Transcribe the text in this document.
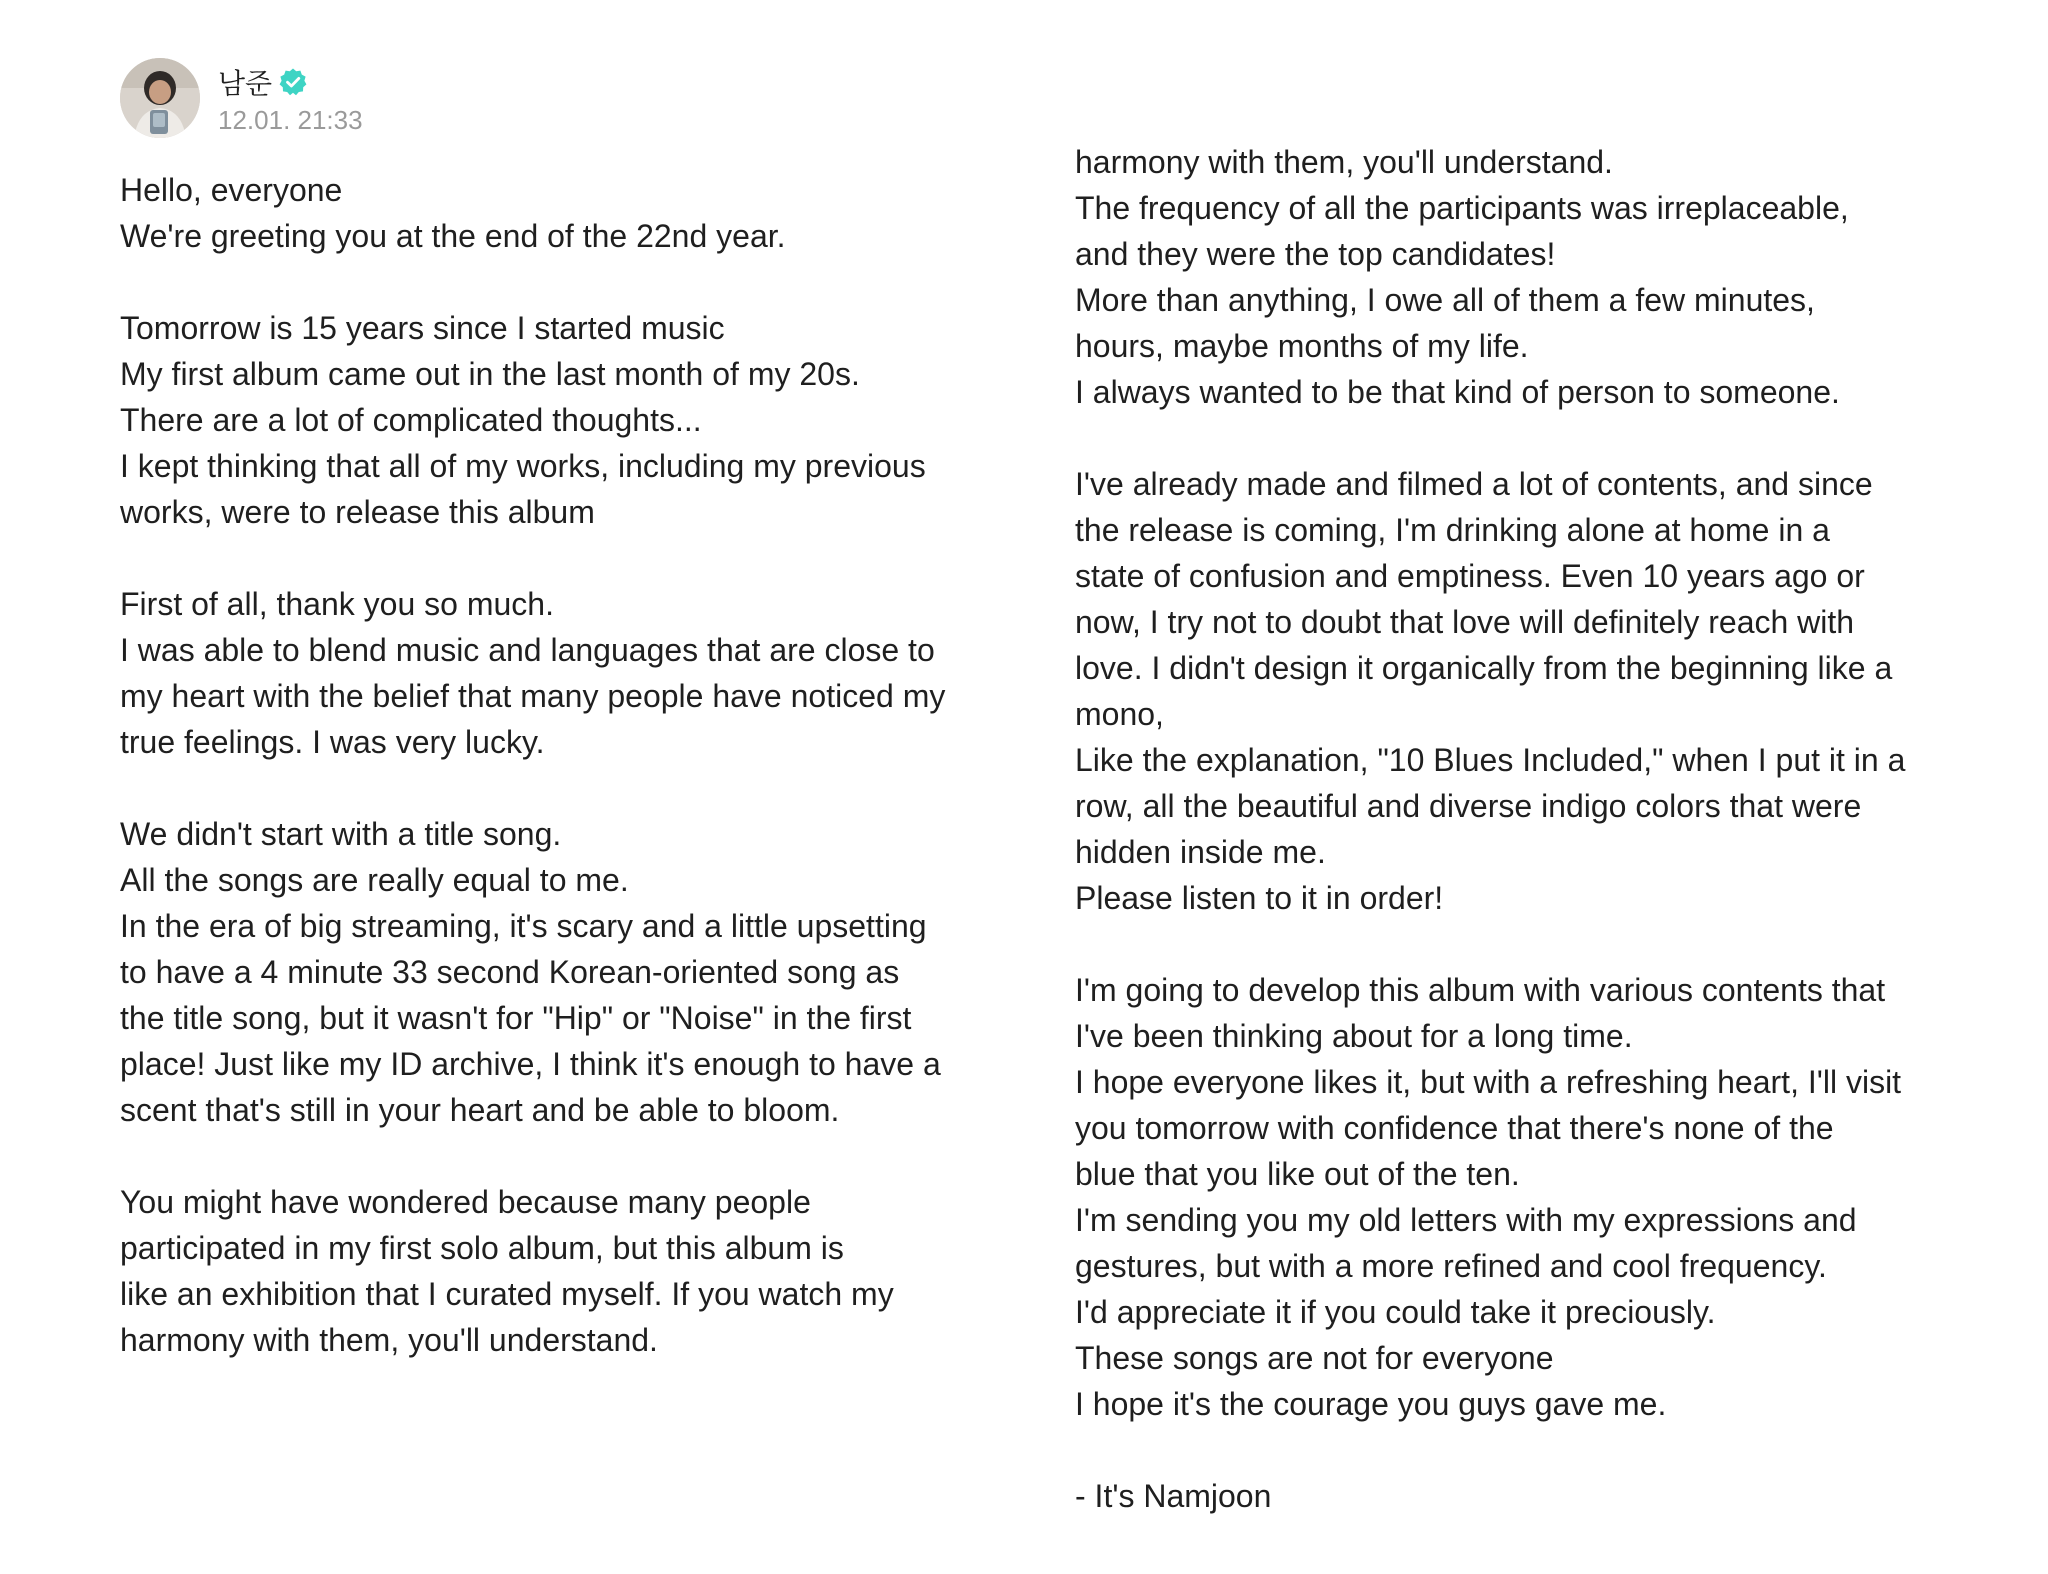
남준
12.01. 21:33
Hello, everyone
We're greeting you at the end of the 22nd year.
Tomorrow is 15 years since I started music
My first album came out in the last month of my 20s.
There are a lot of complicated thoughts...
I kept thinking that all of my works, including my previous
works, were to release this album
First of all, thank you so much.
I was able to blend music and languages that are close to
my heart with the belief that many people have noticed my
true feelings. I was very lucky.
We didn't start with a title song.
All the songs are really equal to me.
In the era of big streaming, it's scary and a little upsetting
to have a 4 minute 33 second Korean-oriented song as
the title song, but it wasn't for "Hip" or "Noise" in the first
place! Just like my ID archive, I think it's enough to have a
scent that's still in your heart and be able to bloom.
You might have wondered because many people
participated in my first solo album, but this album is
like an exhibition that I curated myself. If you watch my
harmony with them, you'll understand.
harmony with them, you'll understand.
The frequency of all the participants was irreplaceable,
and they were the top candidates!
More than anything, I owe all of them a few minutes,
hours, maybe months of my life.
I always wanted to be that kind of person to someone.
I've already made and filmed a lot of contents, and since
the release is coming, I'm drinking alone at home in a
state of confusion and emptiness. Even 10 years ago or
now, I try not to doubt that love will definitely reach with
love. I didn't design it organically from the beginning like a
mono,
Like the explanation, "10 Blues Included," when I put it in a
row, all the beautiful and diverse indigo colors that were
hidden inside me.
Please listen to it in order!
I'm going to develop this album with various contents that
I've been thinking about for a long time.
I hope everyone likes it, but with a refreshing heart, I'll visit
you tomorrow with confidence that there's none of the
blue that you like out of the ten.
I'm sending you my old letters with my expressions and
gestures, but with a more refined and cool frequency.
I'd appreciate it if you could take it preciously.
These songs are not for everyone
I hope it's the courage you guys gave me.
- It's Namjoon
